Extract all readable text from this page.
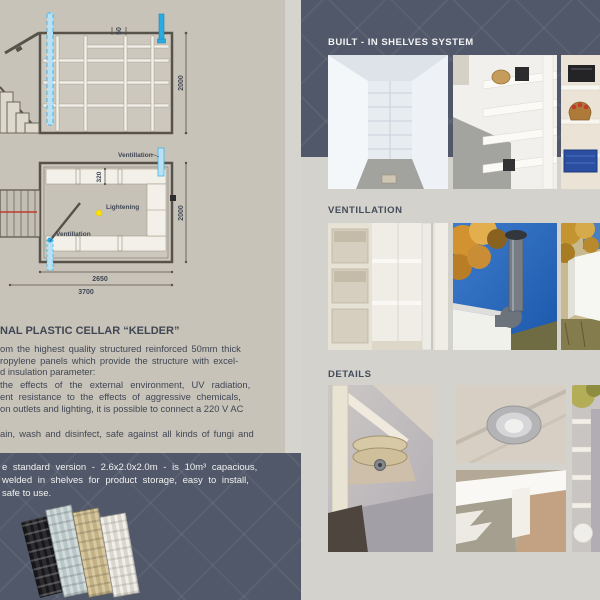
50
2000
Ventillation
320
Lightening
Ventillation
2650
3700
2000
NAL PLASTIC CELLAR “KELDER”
om the highest quality structured reinforced 50mm thick
ropylene panels which provide the structure with excel-
d insulation parameter:
the effects of the external environment, UV radiation,
ent resistance to the effects of aggressive chemicals,
on outlets and lighting, it is possible to connect a 220 V AC
ain, wash and disinfect, safe against all kinds of fungi and
e standard version - 2.6x2.0x2.0m - is 10m³ capacious,
welded in shelves for product storage, easy to install,
safe to use.
BUILT - IN SHELVES SYSTEM
VENTILLATION
DETAILS
